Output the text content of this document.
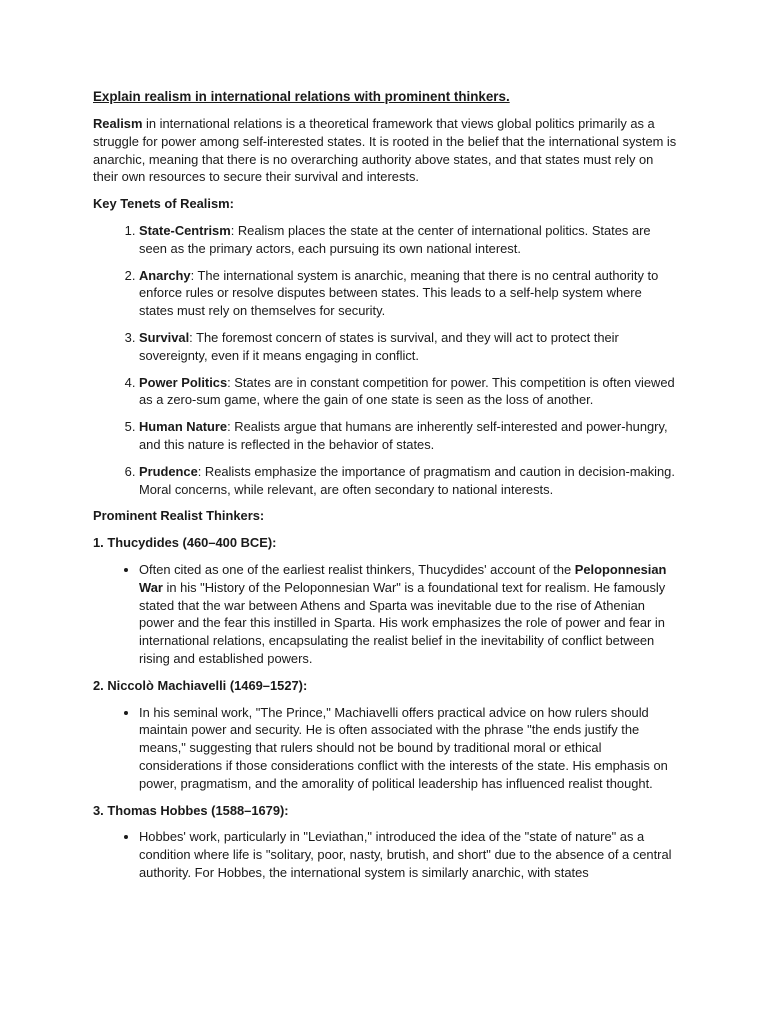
Explain realism in international relations with prominent thinkers.

Realism in international relations is a theoretical framework that views global politics primarily as a struggle for power among self-interested states. It is rooted in the belief that the international system is anarchic, meaning that there is no overarching authority above states, and that states must rely on their own resources to secure their survival and interests.

Key Tenets of Realism:

1. State-Centrism: Realism places the state at the center of international politics. States are seen as the primary actors, each pursuing its own national interest.
2. Anarchy: The international system is anarchic, meaning that there is no central authority to enforce rules or resolve disputes between states. This leads to a self-help system where states must rely on themselves for security.
3. Survival: The foremost concern of states is survival, and they will act to protect their sovereignty, even if it means engaging in conflict.
4. Power Politics: States are in constant competition for power. This competition is often viewed as a zero-sum game, where the gain of one state is seen as the loss of another.
5. Human Nature: Realists argue that humans are inherently self-interested and power-hungry, and this nature is reflected in the behavior of states.
6. Prudence: Realists emphasize the importance of pragmatism and caution in decision-making. Moral concerns, while relevant, are often secondary to national interests.

Prominent Realist Thinkers:

1. Thucydides (460–400 BCE):

• Often cited as one of the earliest realist thinkers, Thucydides' account of the Peloponnesian War in his "History of the Peloponnesian War" is a foundational text for realism. He famously stated that the war between Athens and Sparta was inevitable due to the rise of Athenian power and the fear this instilled in Sparta. His work emphasizes the role of power and fear in international relations, encapsulating the realist belief in the inevitability of conflict between rising and established powers.

2. Niccolò Machiavelli (1469–1527):

• In his seminal work, "The Prince," Machiavelli offers practical advice on how rulers should maintain power and security. He is often associated with the phrase "the ends justify the means," suggesting that rulers should not be bound by traditional moral or ethical considerations if those considerations conflict with the interests of the state. His emphasis on power, pragmatism, and the amorality of political leadership has influenced realist thought.

3. Thomas Hobbes (1588–1679):

• Hobbes' work, particularly in "Leviathan," introduced the idea of the "state of nature" as a condition where life is "solitary, poor, nasty, brutish, and short" due to the absence of a central authority. For Hobbes, the international system is similarly anarchic, with states
